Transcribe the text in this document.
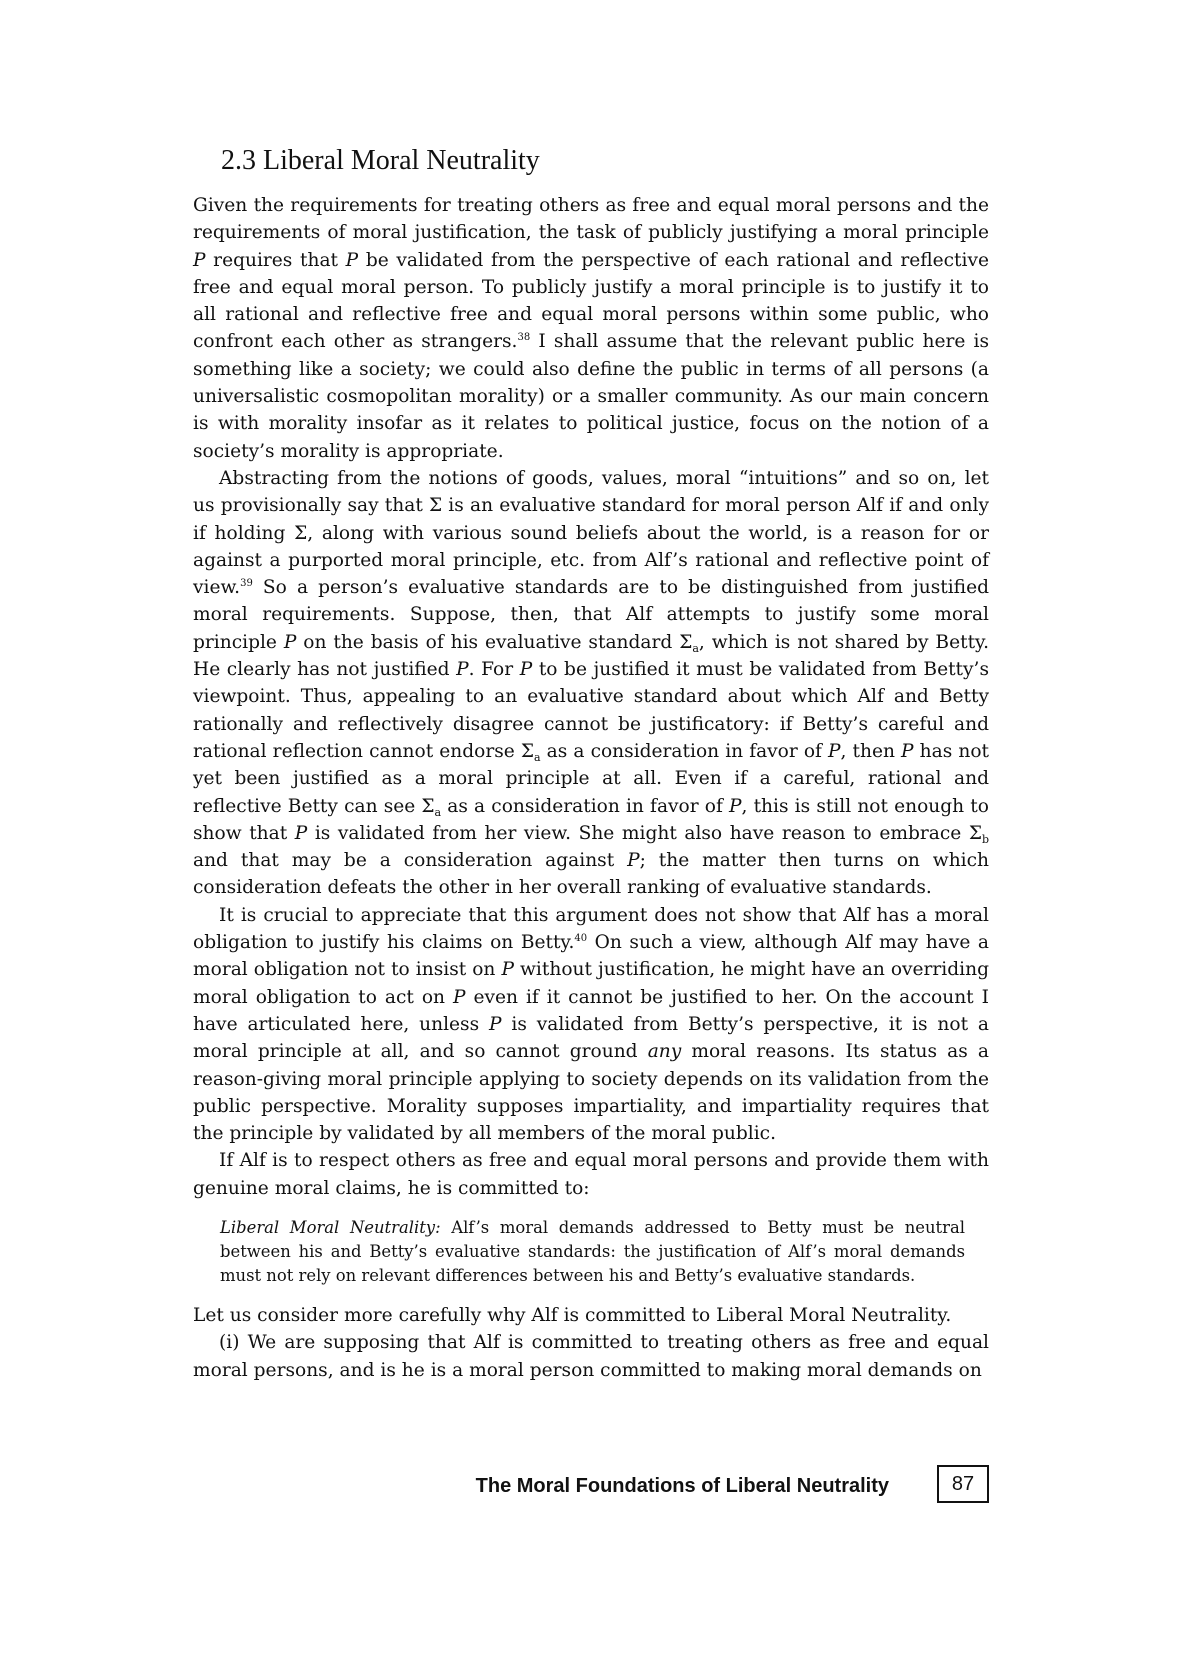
2.3 Liberal Moral Neutrality

Given the requirements for treating others as free and equal moral persons and the requirements of moral justification, the task of publicly justifying a moral principle P requires that P be validated from the perspective of each rational and reflective free and equal moral person. To publicly justify a moral principle is to justify it to all rational and reflective free and equal moral persons within some public, who confront each other as strangers.$^{38}$ I shall assume that the relevant public here is something like a society; we could also define the public in terms of all persons (a universalistic cosmopolitan morality) or a smaller community. As our main concern is with morality insofar as it relates to political justice, focus on the notion of a society’s morality is appropriate.

Abstracting from the notions of goods, values, moral “intuitions” and so on, let us provisionally say that Σ is an evaluative standard for moral person Alf if and only if holding Σ, along with various sound beliefs about the world, is a reason for or against a purported moral principle, etc. from Alf’s rational and reflective point of view.$^{39}$ So a person’s evaluative standards are to be distinguished from justified moral requirements. Suppose, then, that Alf attempts to justify some moral principle P on the basis of his evaluative standard $\Sigma_a$, which is not shared by Betty. He clearly has not justified P. For P to be justified it must be validated from Betty’s viewpoint. Thus, appealing to an evaluative standard about which Alf and Betty rationally and reflectively disagree cannot be justificatory: if Betty’s careful and rational reflection cannot endorse $\Sigma_a$ as a consideration in favor of P, then P has not yet been justified as a moral principle at all. Even if a careful, rational and reflective Betty can see $\Sigma_a$ as a consideration in favor of P, this is still not enough to show that P is validated from her view. She might also have reason to embrace $\Sigma_b$ and that may be a consideration against P; the matter then turns on which consideration defeats the other in her overall ranking of evaluative standards.

It is crucial to appreciate that this argument does not show that Alf has a moral obligation to justify his claims on Betty.$^{40}$ On such a view, although Alf may have a moral obligation not to insist on P without justification, he might have an overriding moral obligation to act on P even if it cannot be justified to her. On the account I have articulated here, unless P is validated from Betty’s perspective, it is not a moral principle at all, and so cannot ground any moral reasons. Its status as a reason-giving moral principle applying to society depends on its validation from the public perspective. Morality supposes impartiality, and impartiality requires that the principle by validated by all members of the moral public.

If Alf is to respect others as free and equal moral persons and provide them with genuine moral claims, he is committed to:

Liberal Moral Neutrality: Alf’s moral demands addressed to Betty must be neutral between his and Betty’s evaluative standards: the justification of Alf’s moral demands must not rely on relevant differences between his and Betty’s evaluative standards.

Let us consider more carefully why Alf is committed to Liberal Moral Neutrality.

(i) We are supposing that Alf is committed to treating others as free and equal moral persons, and is he is a moral person committed to making moral demands on

The Moral Foundations of Liberal Neutrality	87
